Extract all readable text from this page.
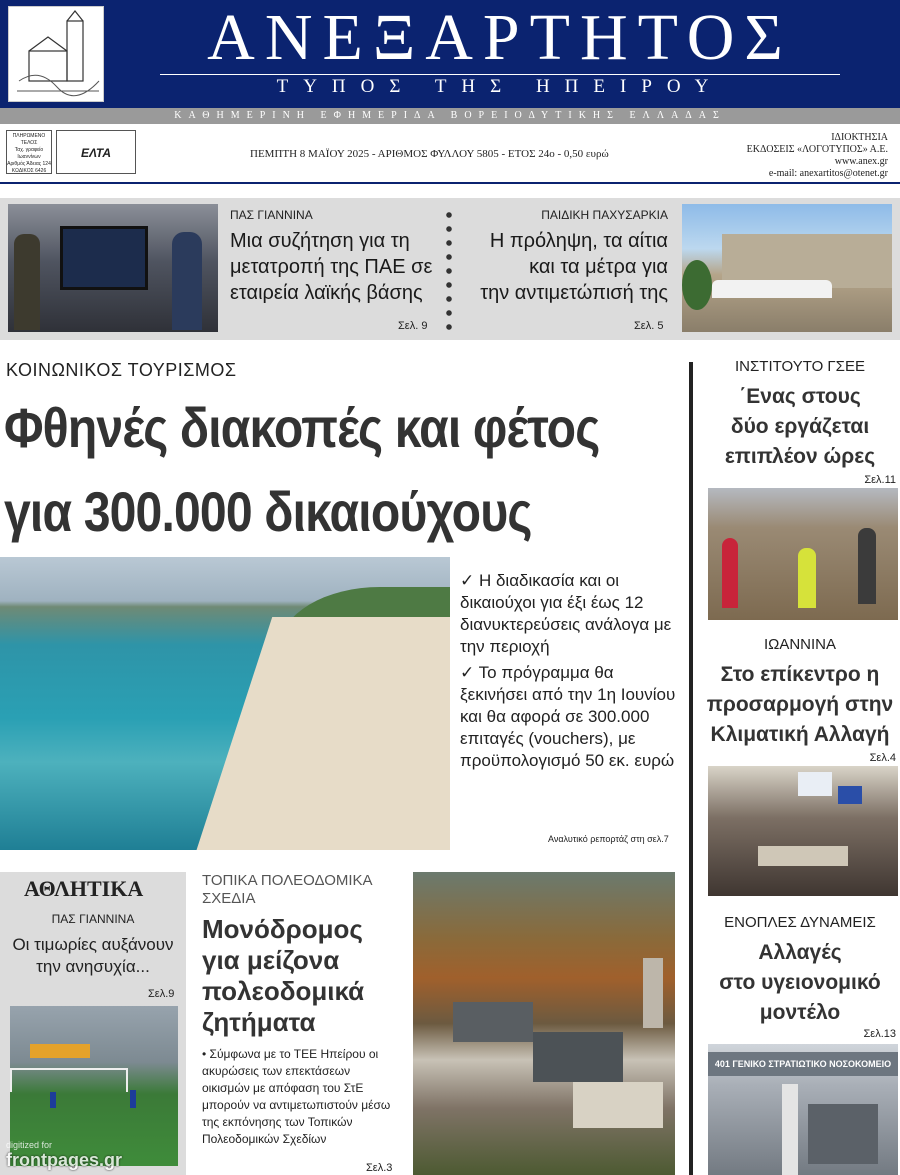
ΑΝΕΞΑΡΤΗΤΟΣ
ΤΥΠΟΣ ΤΗΣ ΗΠΕΙΡΟΥ
ΚΑΘΗΜΕΡΙΝΗ ΕΦΗΜΕΡΙΔΑ ΒΟΡΕΙΟΔΥΤΙΚΗΣ ΕΛΛΑΔΑΣ
ΠΛΗΡΩΜΕΝΟ ΤΕΛΟΣ
Ταχ. γραφείο Ιωαννίνων
Αριθμός Άδειας 124
ΚΩΔΙΚΟΣ 6426
ΕΛΤΑ	ΠΕΜΠΤΗ 8 ΜΑΪΟΥ 2025 - ΑΡΙΘΜΟΣ ΦΥΛΛΟΥ 5805 - ΕΤΟΣ 24ο - 0,50 ευρώ
ΙΔΙΟΚΤΗΣΙΑ
ΕΚΔΟΣΕΙΣ «ΛΟΓΟΤΥΠΟΣ» Α.Ε.
www.anex.gr
e-mail: anexartitos@otenet.gr
ΠΑΣ ΓΙΑΝΝΙΝΑ
Μια συζήτηση για τη
μετατροπή της ΠΑΕ σε
εταιρεία λαϊκής βάσης
Σελ. 9
ΠΑΙΔΙΚΗ ΠΑΧΥΣΑΡΚΙΑ
Η πρόληψη, τα αίτια
και τα μέτρα για
την αντιμετώπισή της
Σελ. 5
ΚΟΙΝΩΝΙΚΟΣ ΤΟΥΡΙΣΜΟΣ
Φθηνές διακοπές και φέτος
για 300.000 δικαιούχους

✓ Η διαδικασία και οι δικαιούχοι για έξι έως 12 διανυκτερεύσεις ανάλογα με την περιοχή

✓ Το πρόγραμμα θα ξεκινήσει από την 1η Ιουνίου και θα αφορά σε 300.000 επιταγές (vouchers), με προϋπολογισμό 50 εκ. ευρώ

Αναλυτικό ρεπορτάζ στη σελ.7
ΙΝΣΤΙΤΟΥΤΟ ΓΣΕΕ
΄Ενας στους
δύο εργάζεται
επιπλέον ώρες
Σελ.11
ΙΩΑΝΝΙΝΑ
Στο επίκεντρο η
προσαρμογή στην
Κλιματική Αλλαγή
Σελ.4
ΕΝΟΠΛΕΣ ΔΥΝΑΜΕΙΣ
Αλλαγές
στο υγειονομικό
μοντέλο
Σελ.13
401 ΓΕΝΙΚΟ ΣΤΡΑΤΙΩΤΙΚΟ ΝΟΣΟΚΟΜΕΙΟ
ΑΘΛΗΤΙΚΑ
ΠΑΣ ΓΙΑΝΝΙΝΑ
Οι τιμωρίες αυξάνουν
την ανησυχία...
Σελ.9
digitized for
frontpages.gr
ΤΟΠΙΚΑ ΠΟΛΕΟΔΟΜΙΚΑ
ΣΧΕΔΙΑ
Μονόδρομος
για μείζονα
πολεοδομικά
ζητήματα
• Σύμφωνα με το ΤΕΕ Ηπείρου οι ακυρώσεις των επεκτάσεων οικισμών με απόφαση του ΣτΕ μπορούν να αντιμετωπιστούν μέσω της εκπόνησης των Τοπικών Πολεοδομικών Σχεδίων
Σελ.3
